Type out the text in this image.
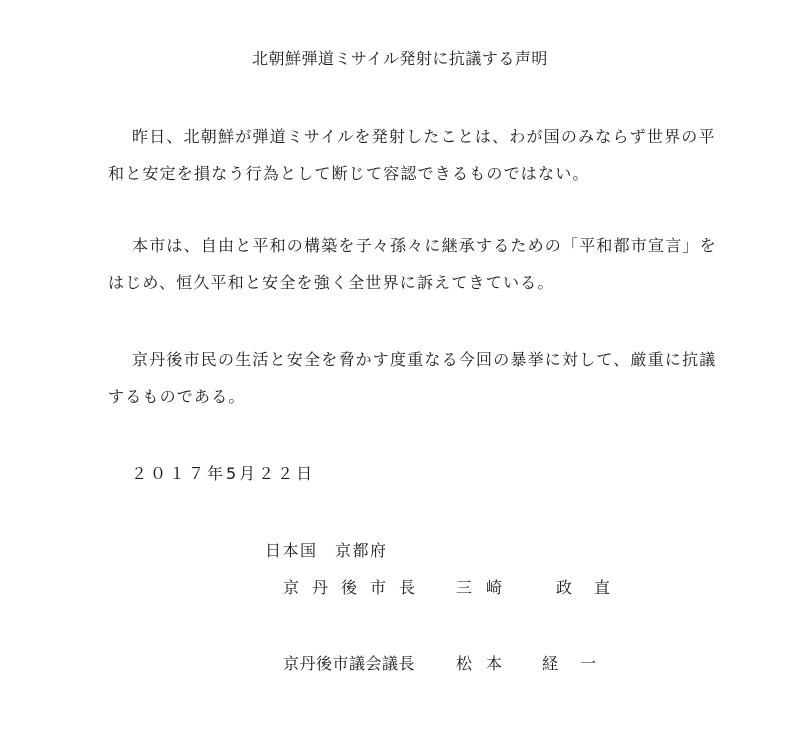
北朝鮮弾道ミサイル発射に抗議する声明

昨日、北朝鮮が弾道ミサイルを発射したことは、わが国のみならず世界の平
和と安定を損なう行為として断じて容認できるものではない。

本市は、自由と平和の構築を子々孫々に継承するための「平和都市宣言」を
はじめ、恒久平和と安全を強く全世界に訴えてきている。

京丹後市民の生活と安全を脅かす度重なる今回の暴挙に対して、厳重に抗議
するものである。

２０１７年5月２２日
日本国　京都府
京丹後市長 三崎	政 直
京丹後市議会議長	松 本	経 一
